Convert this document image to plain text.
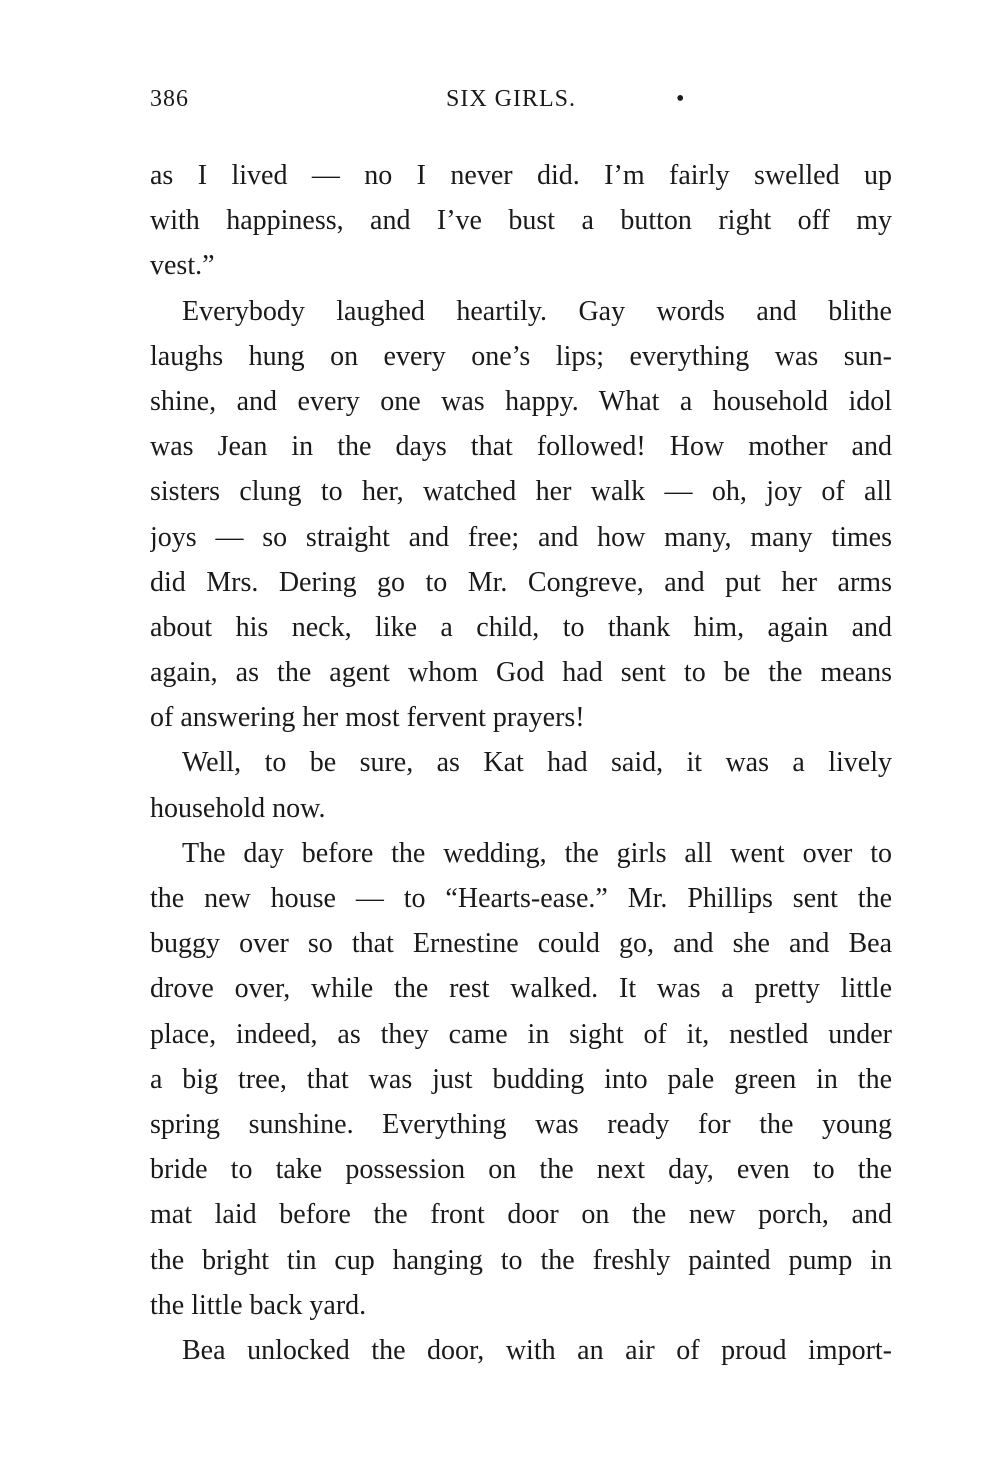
386	SIX GIRLS.	•
as I lived — no I never did. I’m fairly swelled up
with happiness, and I’ve bust a button right off my
vest.”
Everybody laughed heartily. Gay words and blithe
laughs hung on every one’s lips; everything was sun-
shine, and every one was happy. What a household idol
was Jean in the days that followed! How mother and
sisters clung to her, watched her walk — oh, joy of all
joys — so straight and free; and how many, many times
did Mrs. Dering go to Mr. Congreve, and put her arms
about his neck, like a child, to thank him, again and
again, as the agent whom God had sent to be the means
of answering her most fervent prayers!
Well, to be sure, as Kat had said, it was a lively
household now.
The day before the wedding, the girls all went over to
the new house — to “Hearts-ease.” Mr. Phillips sent the
buggy over so that Ernestine could go, and she and Bea
drove over, while the rest walked. It was a pretty little
place, indeed, as they came in sight of it, nestled under
a big tree, that was just budding into pale green in the
spring sunshine. Everything was ready for the young
bride to take possession on the next day, even to the
mat laid before the front door on the new porch, and
the bright tin cup hanging to the freshly painted pump in
the little back yard.
Bea unlocked the door, with an air of proud import-
